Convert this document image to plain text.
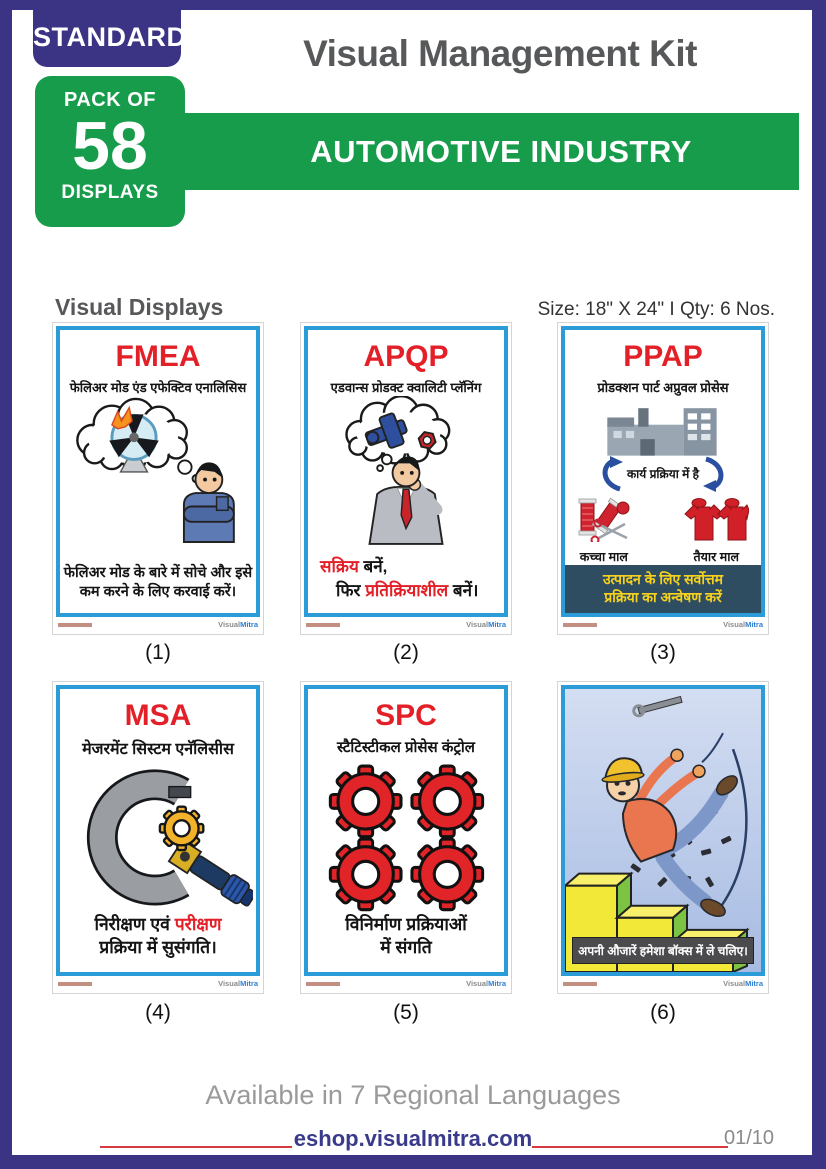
STANDARD
PACK OF
58
DISPLAYS
Visual Management Kit
AUTOMOTIVE INDUSTRY
Visual Displays	Size: 18" X 24" I Qty: 6 Nos.
FMEA
फेलिअर मोड एंड एफेक्टिव एनालिसिस
फेलिअर मोड के बारे में सोचे और इसे
कम करने के लिए करवाई करें।
VisualMitra
(1)
APQP
एडवान्स प्रोडक्ट क्वालिटी प्लॅनिंग
सक्रिय बनें,
फिर प्रतिक्रियाशील बनें।
VisualMitra
(2)
PPAP
प्रोडक्शन पार्ट अप्रुवल प्रोसेस
कार्य प्रक्रिया में है
कच्चा माल	तैयार माल
उत्पादन के लिए सर्वोत्तम
प्रक्रिया का अन्वेषण करें
VisualMitra
(3)
MSA
मेजरमेंट सिस्टम एनॅलिसीस
निरीक्षण एवं परीक्षण
प्रक्रिया में सुसंगति।
VisualMitra
(4)
SPC
स्टैटिस्टीकल प्रोसेस कंट्रोल
विनिर्माण प्रक्रियाओं
में संगति
VisualMitra
(5)
अपनी औजारें हमेशा बॉक्स में ले चलिए।
VisualMitra
(6)
Available in 7 Regional Languages
eshop.visualmitra.com	01/10
